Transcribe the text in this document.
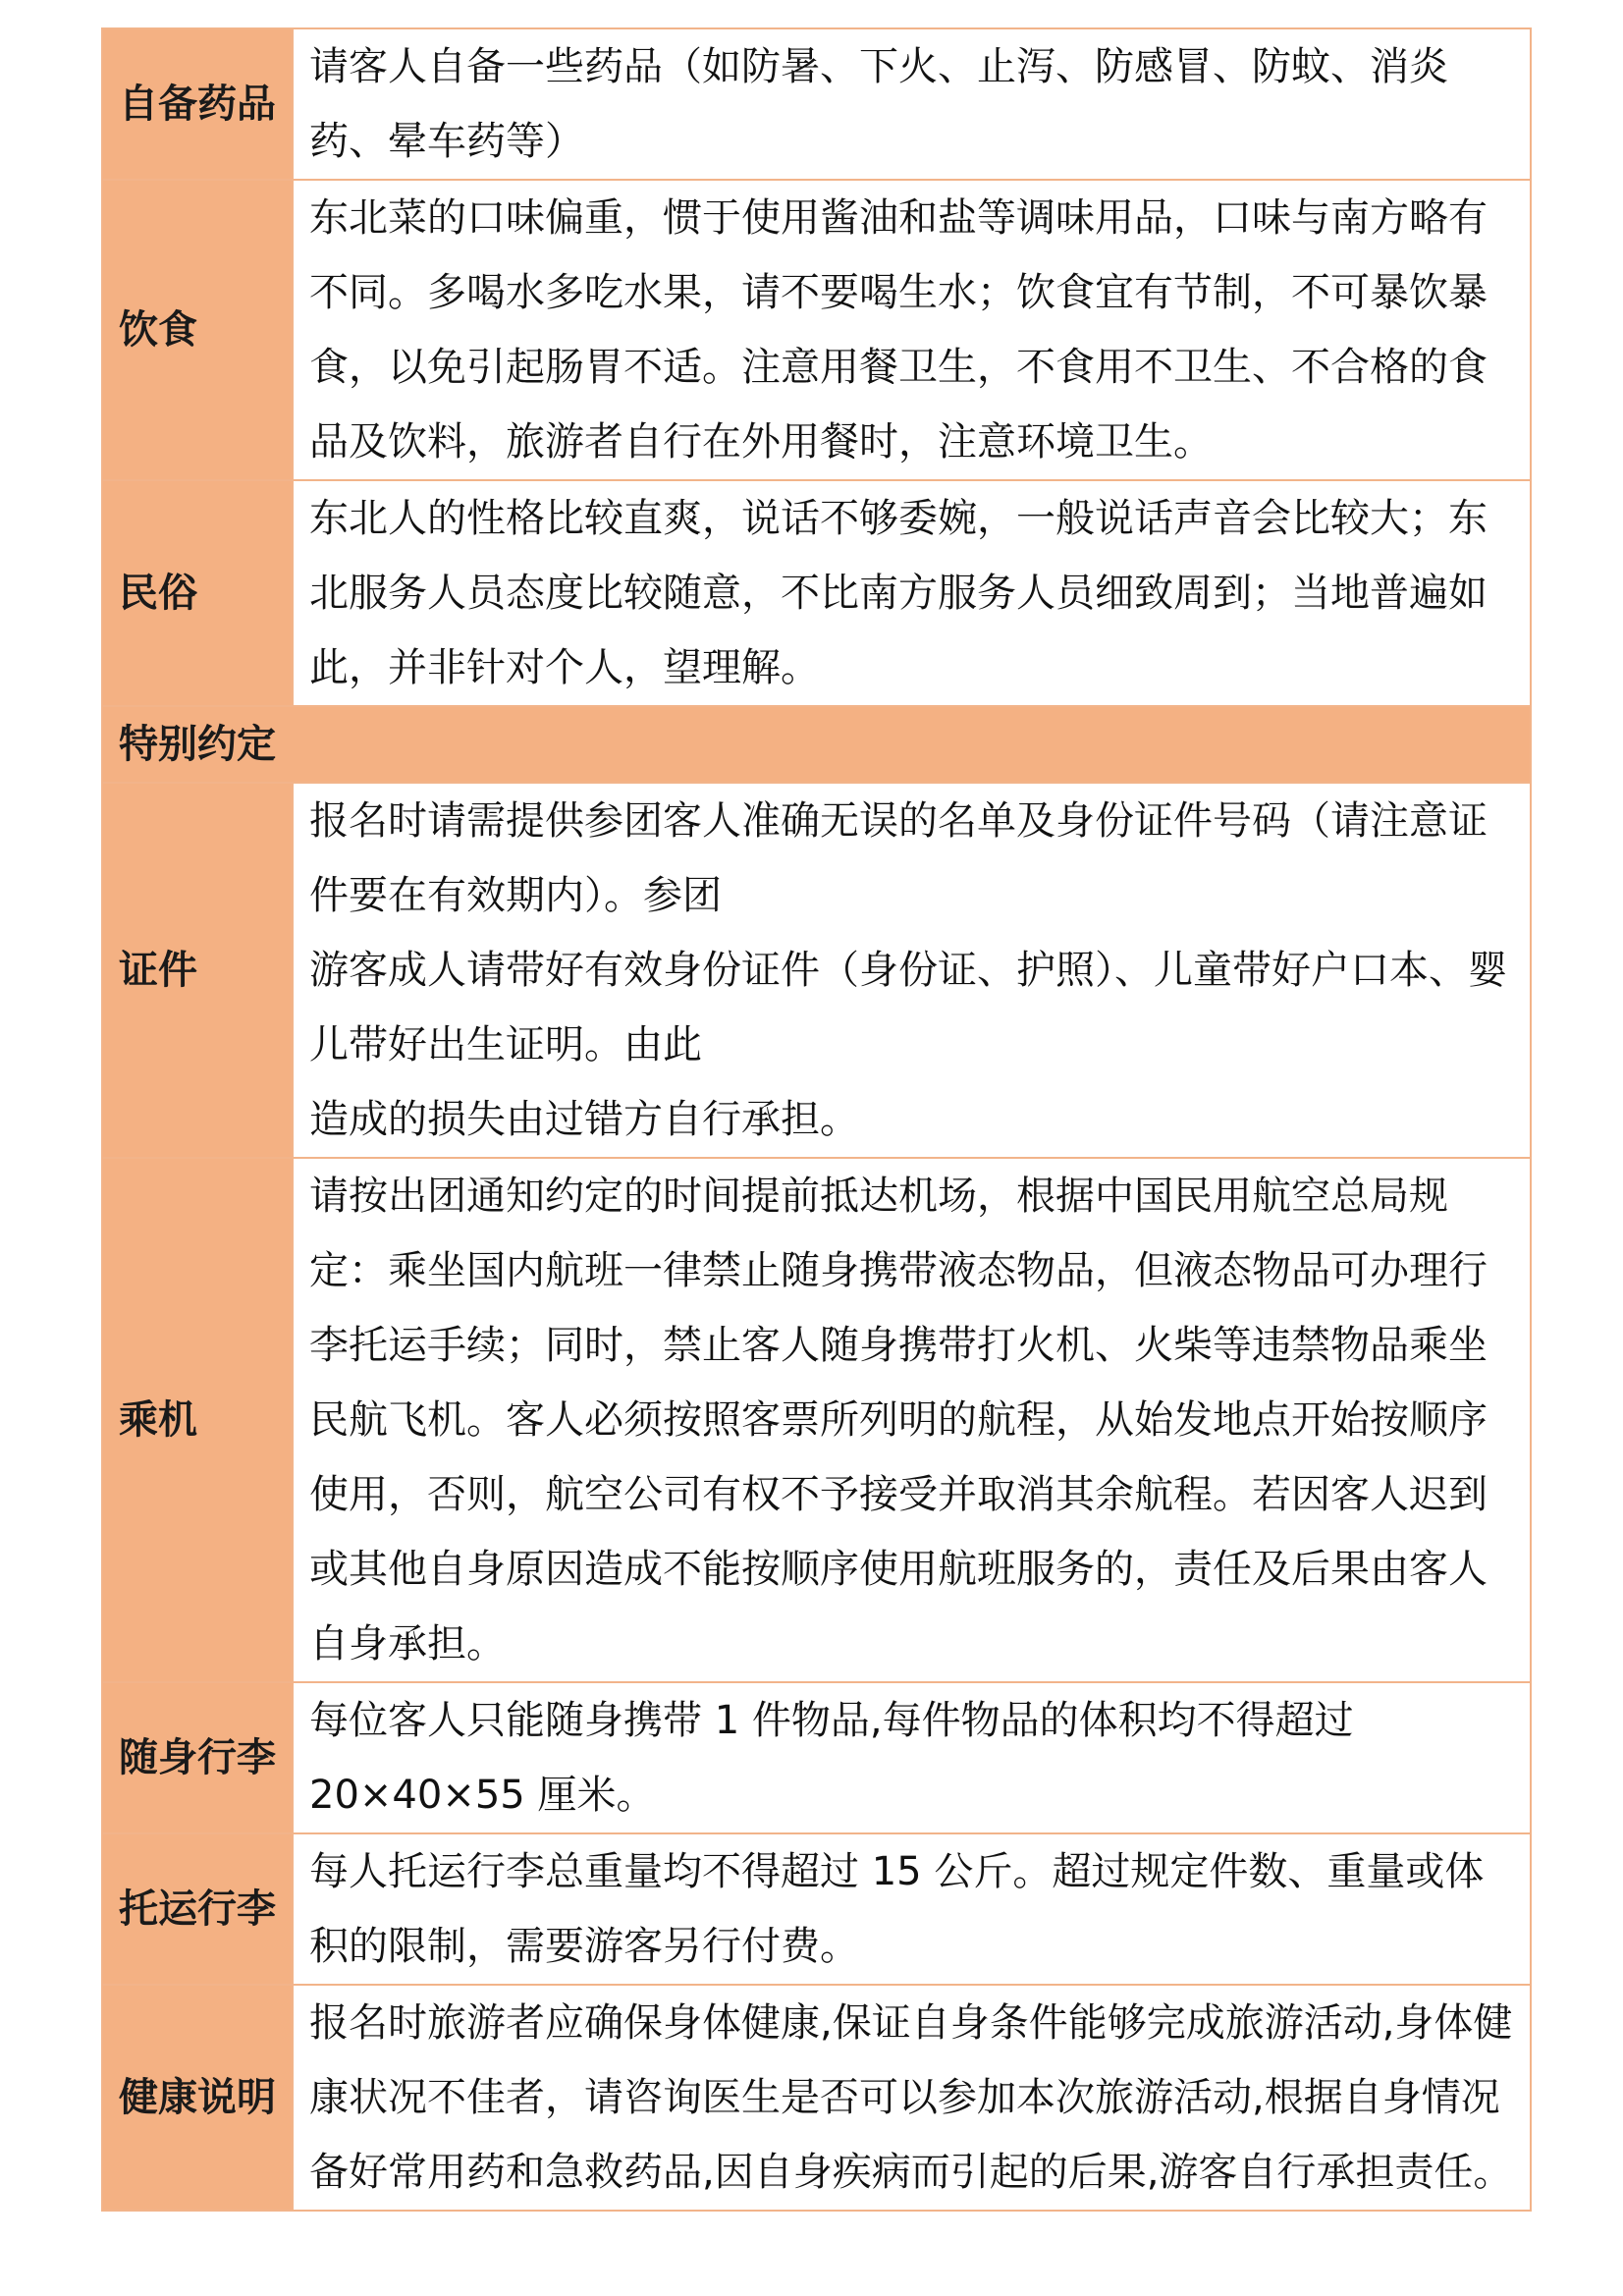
自备药品	请客人自备一些药品（如防暑、下火、止泻、防感冒、防蚊、消炎药、晕车药等）
饮食	东北菜的口味偏重，惯于使用酱油和盐等调味用品，口味与南方略有不同。多喝水多吃水果，请不要喝生水；饮食宜有节制，不可暴饮暴食，以免引起肠胃不适。注意用餐卫生，不食用不卫生、不合格的食品及饮料，旅游者自行在外用餐时，注意环境卫生。
民俗	东北人的性格比较直爽，说话不够委婉，一般说话声音会比较大；东北服务人员态度比较随意，不比南方服务人员细致周到；当地普遍如此，并非针对个人，望理解。
特别约定	
证件	报名时请需提供参团客人准确无误的名单及身份证件号码（请注意证件要在有效期内）。参团
游客成人请带好有效身份证件（身份证、护照）、儿童带好户口本、婴儿带好出生证明。由此
造成的损失由过错方自行承担。

乘机	请按出团通知约定的时间提前抵达机场，根据中国民用航空总局规定：乘坐国内航班一律禁止随身携带液态物品，但液态物品可办理行李托运手续；同时，禁止客人随身携带打火机、火柴等违禁物品乘坐民航飞机。客人必须按照客票所列明的航程，从始发地点开始按顺序使用，否则，航空公司有权不予接受并取消其余航程。若因客人迟到或其他自身原因造成不能按顺序使用航班服务的，责任及后果由客人自身承担。

随身行李	每位客人只能随身携带 1 件物品,每件物品的体积均不得超过 20×40×55 厘米。

托运行李	每人托运行李总重量均不得超过 15 公斤。超过规定件数、重量或体积的限制，需要游客另行付费。

健康说明	报名时旅游者应确保身体健康,保证自身条件能够完成旅游活动,身体健康状况不佳者，请咨询医生是否可以参加本次旅游活动,根据自身情况备好常用药和急救药品,因自身疾病而引起的后果,游客自行承担责任。
